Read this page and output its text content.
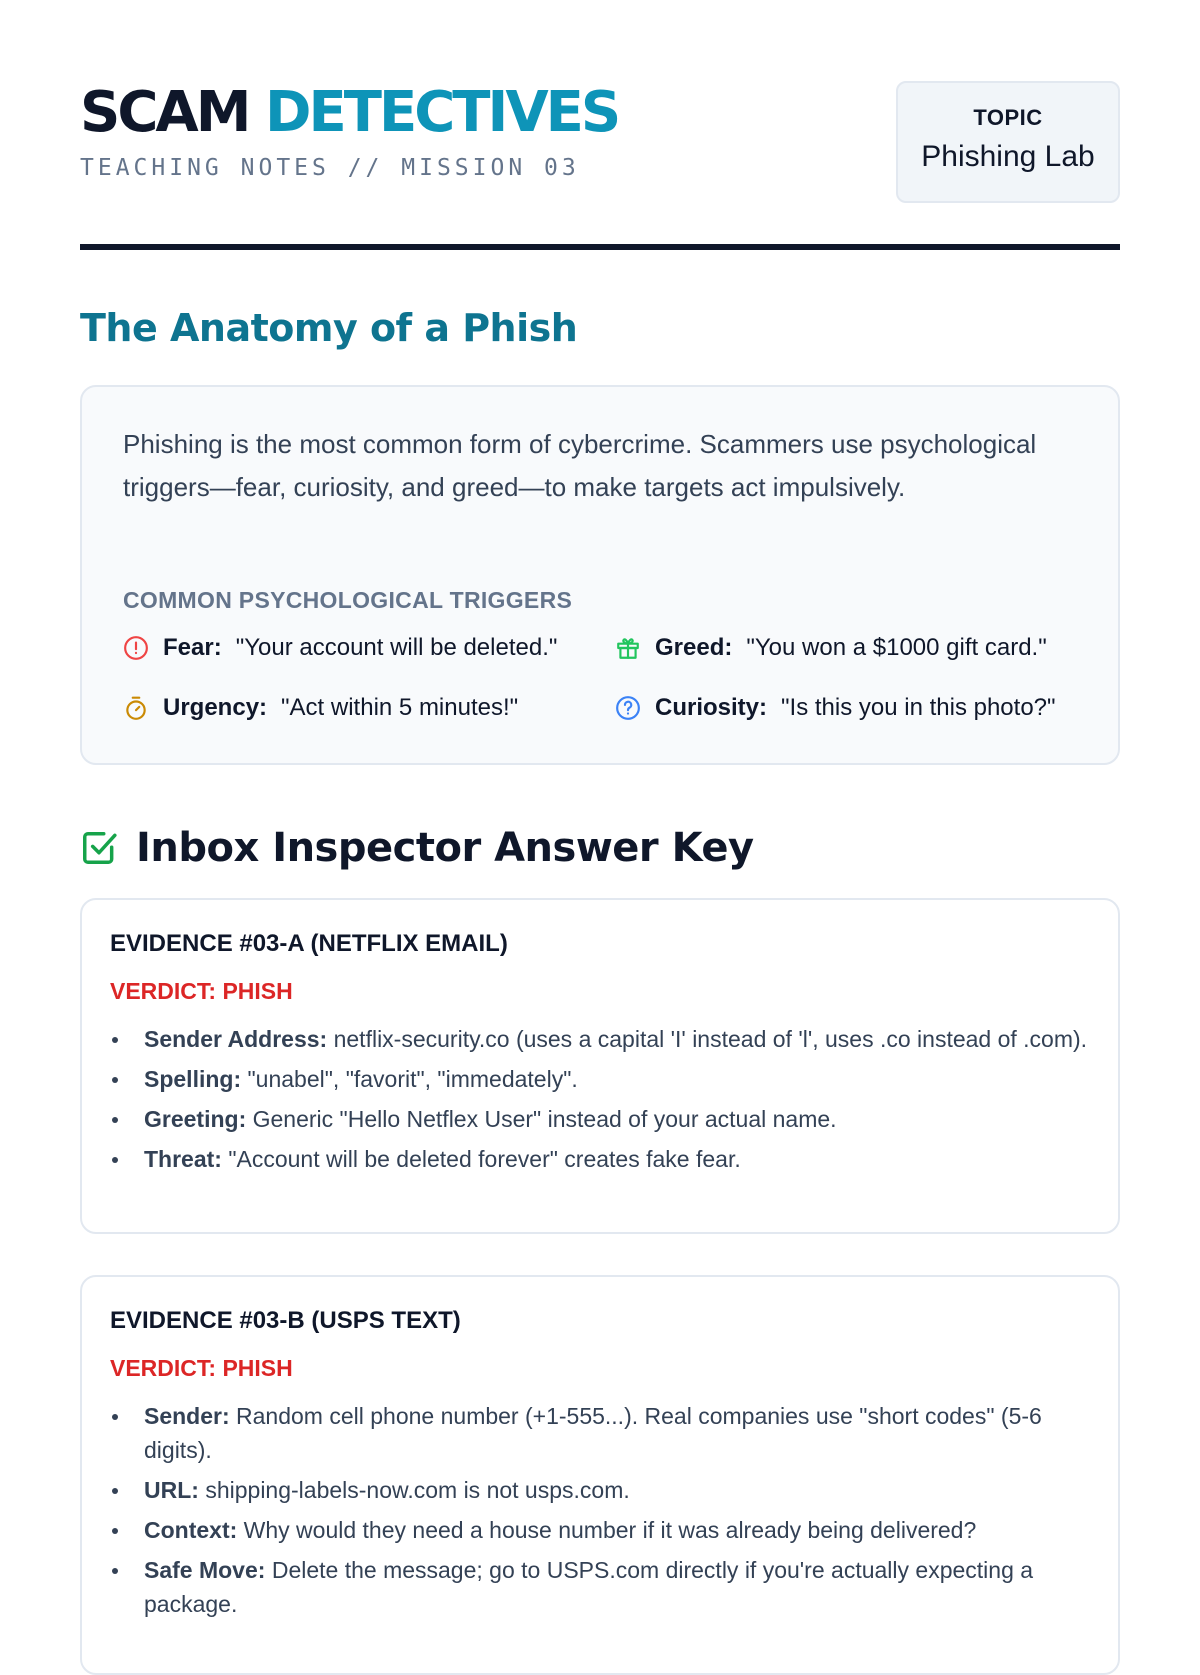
SCAM DETECTIVES
TEACHING NOTES // MISSION 03
TOPIC
Phishing Lab
The Anatomy of a Phish

Phishing is the most common form of cybercrime. Scammers use psychological triggers—fear, curiosity, and greed—to make targets act impulsively.

COMMON PSYCHOLOGICAL TRIGGERS
Fear: "Your account will be deleted."	Greed: "You won a $1000 gift card."
Urgency: "Act within 5 minutes!"	Curiosity: "Is this you in this photo?"
Inbox Inspector Answer Key
EVIDENCE #03-A (NETFLIX EMAIL)
VERDICT: PHISH
Sender Address: netflix-security.co (uses a capital 'I' instead of 'l', uses .co instead of .com).
Spelling: "unabel", "favorit", "immedately".
Greeting: Generic "Hello Netflex User" instead of your actual name.
Threat: "Account will be deleted forever" creates fake fear.
EVIDENCE #03-B (USPS TEXT)
VERDICT: PHISH
Sender: Random cell phone number (+1-555...). Real companies use "short codes" (5-6 digits).
URL: shipping-labels-now.com is not usps.com.
Context: Why would they need a house number if it was already being delivered?
Safe Move: Delete the message; go to USPS.com directly if you're actually expecting a package.
